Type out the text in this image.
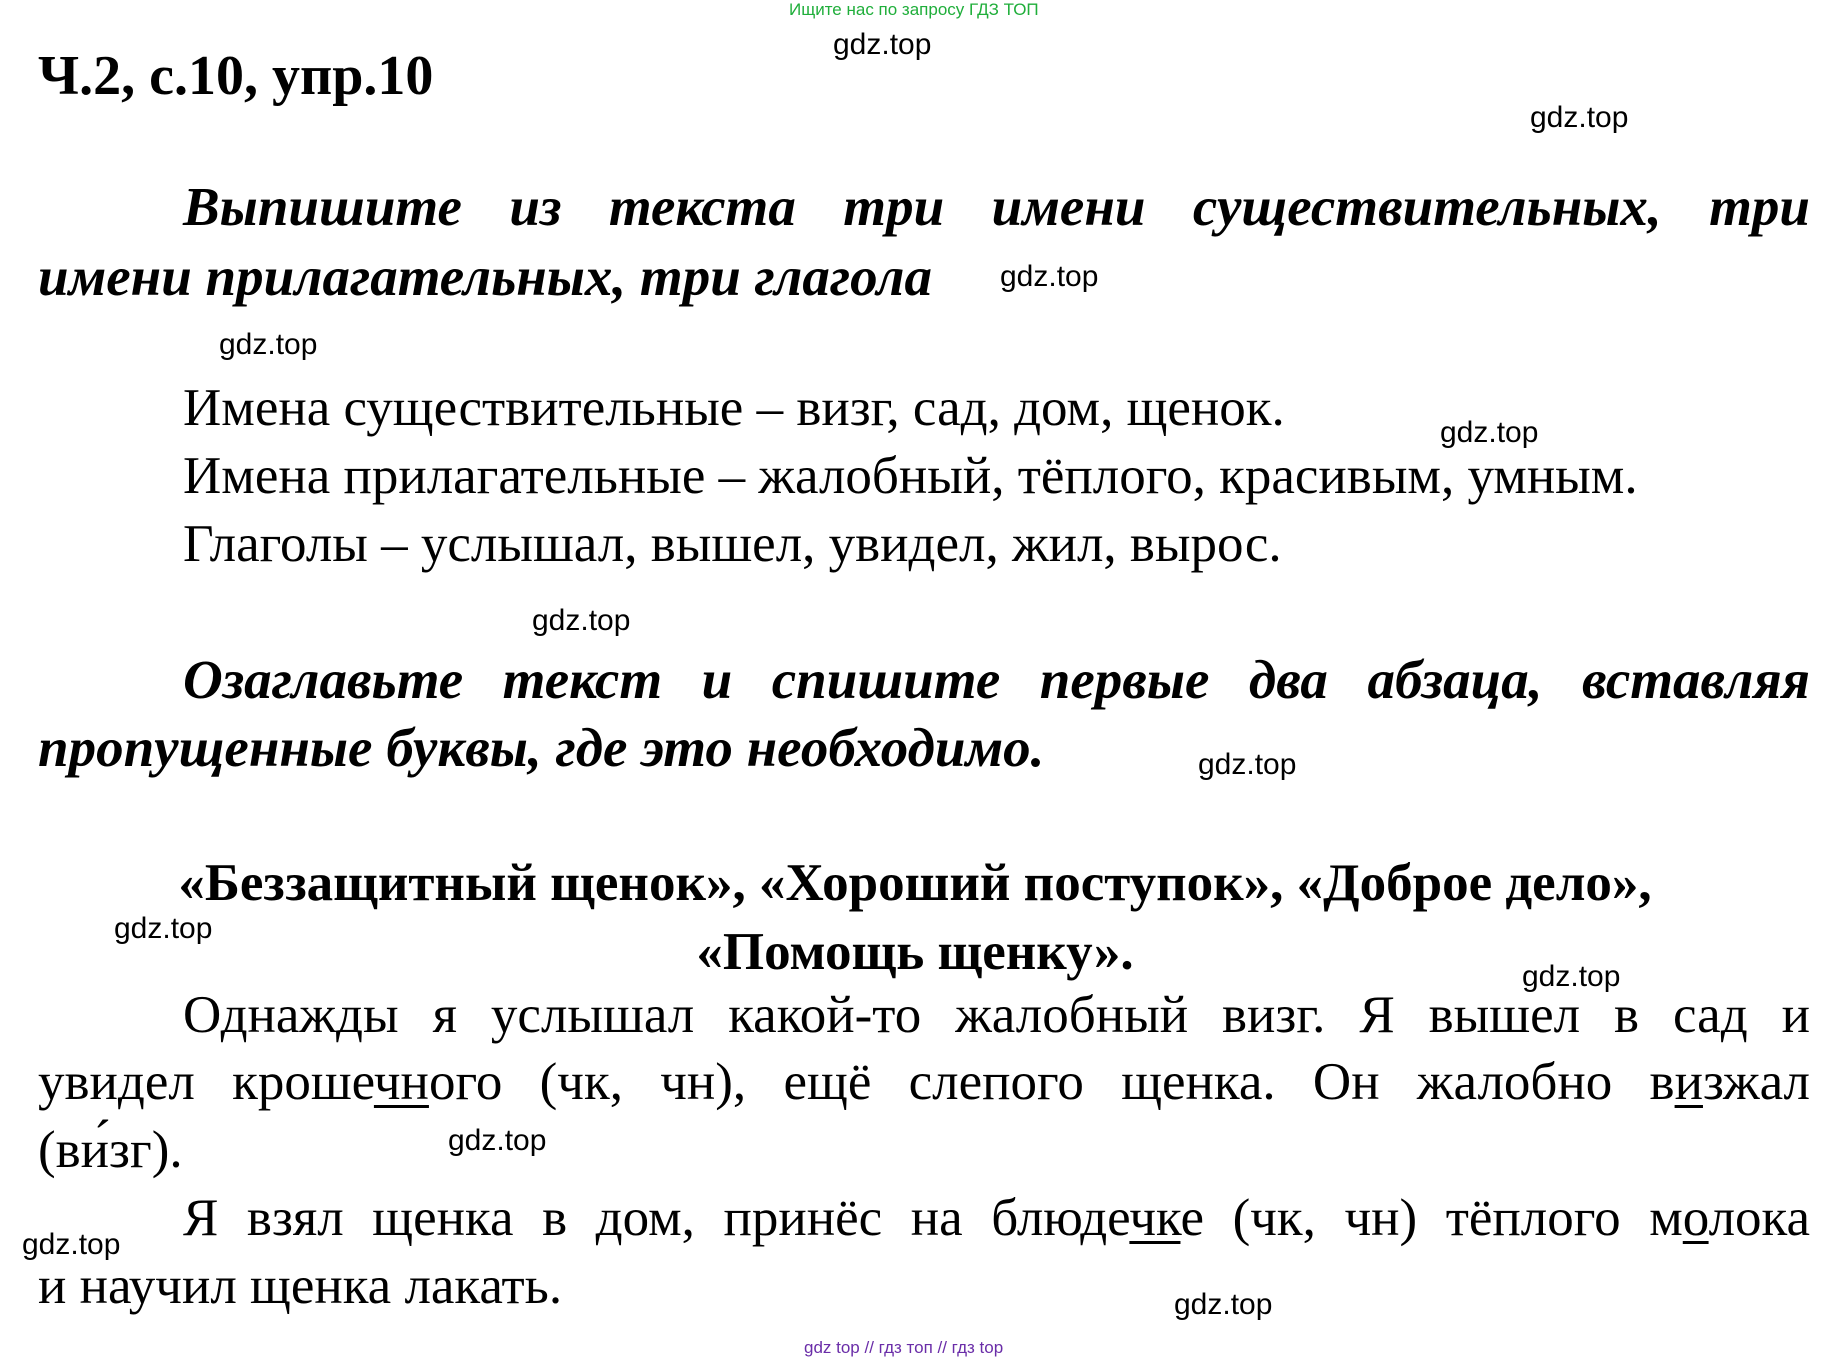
Ищите нас по запросу ГДЗ ТОП
Ч.2, с.10, упр.10
Выпишите из текста три имени существительных, три
имени прилагательных, три глагола
Имена существительные – визг, сад, дом, щенок.
Имена прилагательные – жалобный, тёплого, красивым, умным.
Глаголы – услышал, вышел, увидел, жил, вырос.
Озаглавьте текст и спишите первые два абзаца, вставляя
пропущенные буквы, где это необходимо.
«Беззащитный щенок», «Хороший поступок», «Доброе дело»,
«Помощь щенку».
Однажды я услышал какой-то жалобный визг. Я вышел в сад и
увидел крошечного (чк, чн), ещё слепого щенка. Он жалобно визжал
(ви́зг).
Я взял щенка в дом, принёс на блюдечке (чк, чн) тёплого молока
и научил щенка лакать.
gdz.top
gdz.top
gdz.top
gdz.top
gdz.top
gdz.top
gdz.top
gdz.top
gdz.top
gdz.top
gdz.top
gdz.top
gdz top // гдз топ // гдз top
